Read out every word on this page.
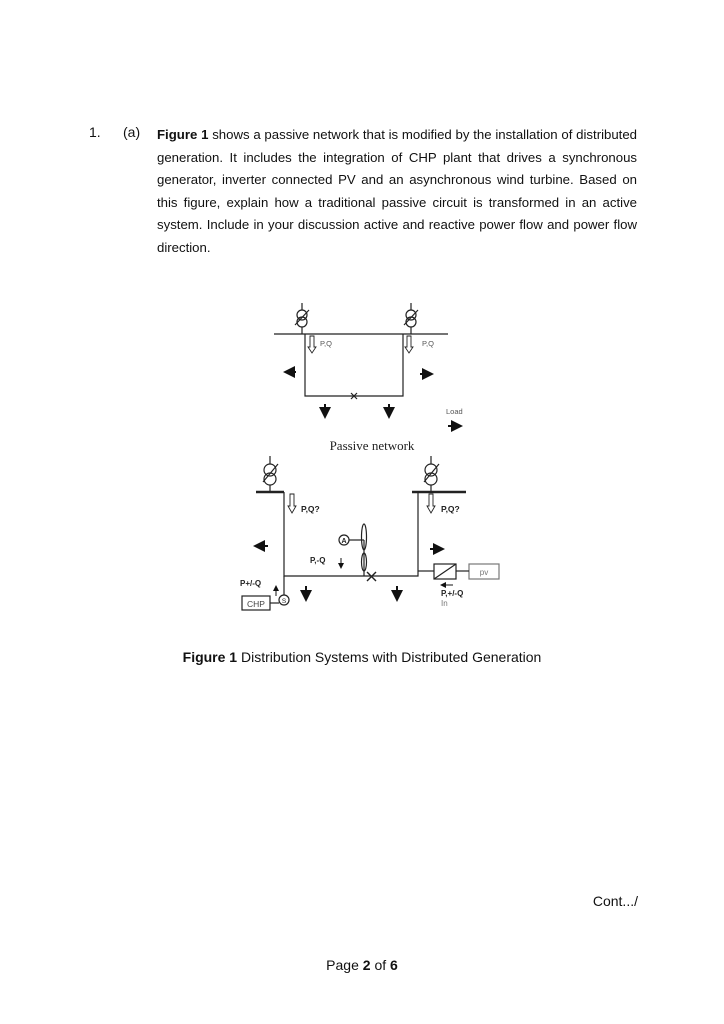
1. (a) Figure 1 shows a passive network that is modified by the installation of distributed generation. It includes the integration of CHP plant that drives a synchronous generator, inverter connected PV and an asynchronous wind turbine. Based on this figure, explain how a traditional passive circuit is transformed in an active system. Include in your discussion active and reactive power flow and power flow direction.

P,Q	P,Q
Load
Passive network
P,Q?	P,Q?
P,-Q
A
P+/-Q
CHP	S
pv
P,+/-Q
In
Figure 1 Distribution Systems with Distributed Generation
Cont.../
Page 2 of 6
